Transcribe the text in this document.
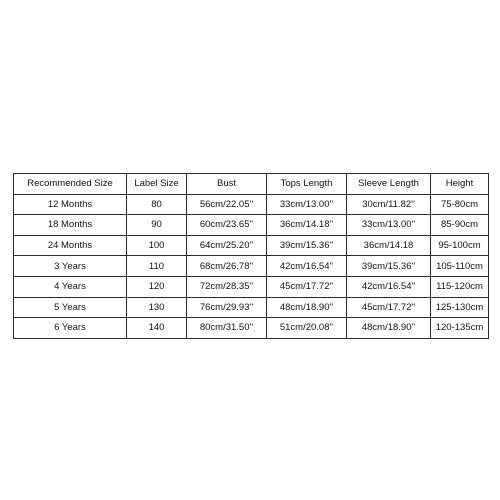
Recommended Size	Label Size	Bust	Tops Length	Sleeve Length	Height
12 Months	80	56cm/22.05''	33cm/13.00''	30cm/11.82''	75-80cm
18 Months	90	60cm/23.65''	36cm/14.18''	33cm/13.00''	85-90cm
24 Months	100	64cm/25.20''	39cm/15.36''	36cm/14.18	95-100cm
3 Years	110	68cm/26.78''	42cm/16.54''	39cm/15.36''	105-110cm
4 Years	120	72cm/28.35''	45cm/17.72''	42cm/16.54''	115-120cm
5 Years	130	76cm/29.93''	48cm/18.90''	45cm/17.72''	125-130cm
6 Years	140	80cm/31.50''	51cm/20.08''	48cm/18.90''	120-135cm
